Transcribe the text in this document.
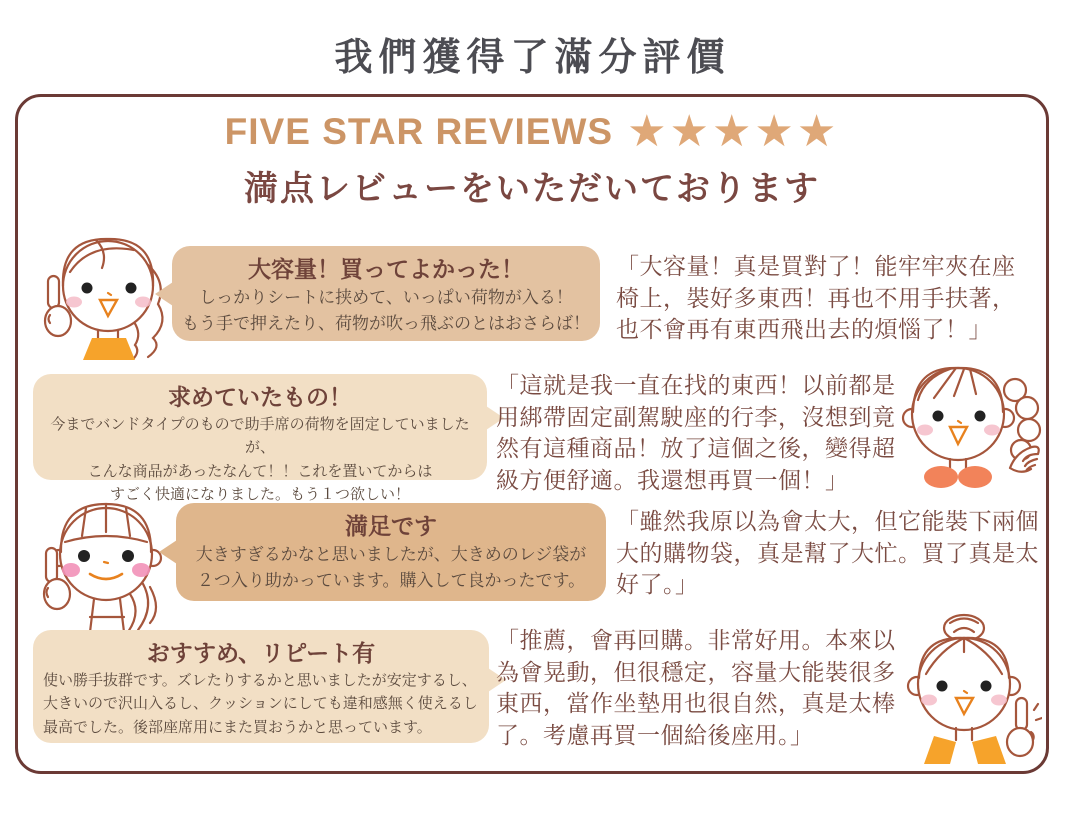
我們獲得了滿分評價
FIVE STAR REVIEWS ★★★★★
満点レビューをいただいております
大容量！買ってよかった！
しっかりシートに挟めて、いっぱい荷物が入る！
もう手で押えたり、荷物が吹っ飛ぶのとはおさらば！
「大容量！真是買對了！能牢牢夾在座椅上，裝好多東西！再也不用手扶著，也不會再有東西飛出去的煩惱了！」
求めていたもの！
今までバンドタイプのもので助手席の荷物を固定していましたが、
こんな商品があったなんて！！これを置いてからは
すごく快適になりました。もう１つ欲しい！
「這就是我一直在找的東西！以前都是用綁帶固定副駕駛座的行李，沒想到竟然有這種商品！放了這個之後，變得超級方便舒適。我還想再買一個！」
満足です
大きすぎるかなと思いましたが、大きめのレジ袋が
２つ入り助かっています。購入して良かったです。
「雖然我原以為會太大，但它能裝下兩個大的購物袋，真是幫了大忙。買了真是太好了。」
おすすめ、リピート有
使い勝手抜群です。ズレたりするかと思いましたが安定するし、
大きいので沢山入るし、クッションにしても違和感無く使えるし
最高でした。後部座席用にまた買おうかと思っています。
「推薦，會再回購。非常好用。本來以為會晃動，但很穩定，容量大能裝很多東西，當作坐墊用也很自然，真是太棒了。考慮再買一個給後座用。」
